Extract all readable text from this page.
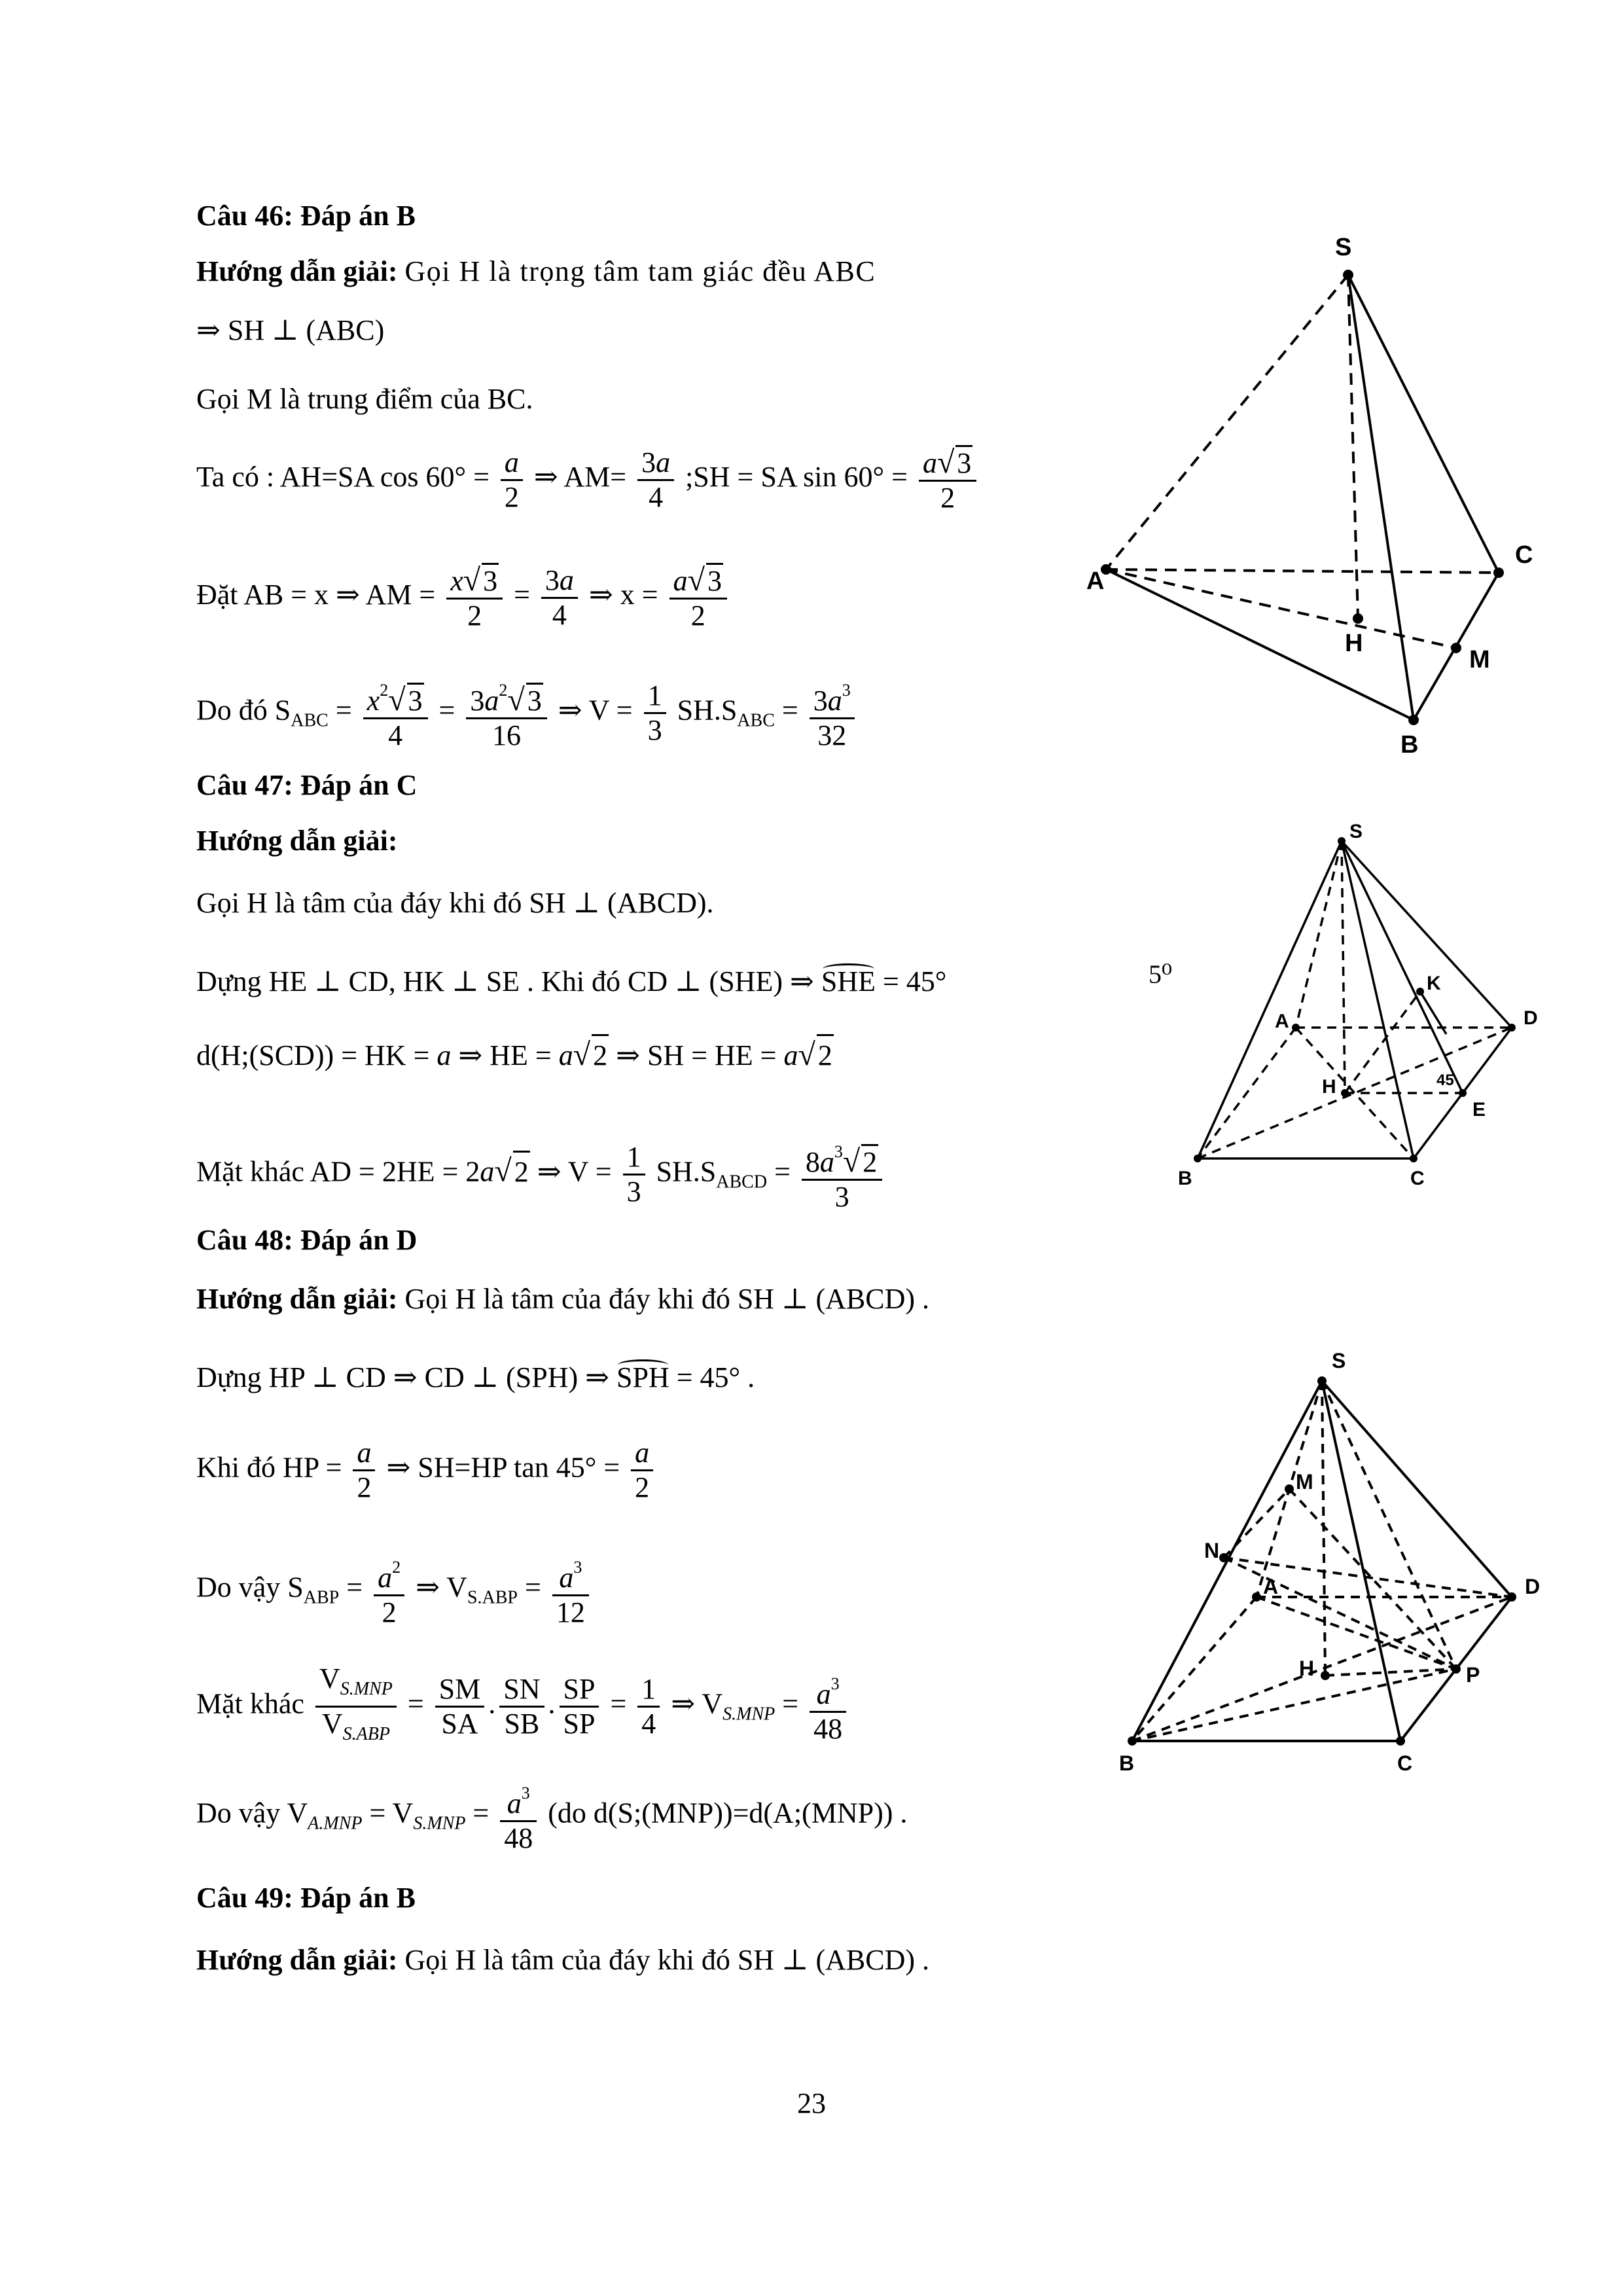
Câu 46: Đáp án B
Hướng dẫn giải: Gọi H là trọng tâm tam giác đều ABC
⇒ SH ⊥ (ABC)
Gọi M là trung điểm của BC.
Ta có : AH=SA $\cos 60^\circ = \frac{a}{2}$ ⇒ $AM= \frac{3a}{4}$ ;SH = SA $\sin 60^\circ = \frac{a√3}{2}$
Đặt AB = x ⇒ AM = $\frac{x√3}{2} = \frac{3a}{4}$ ⇒ $x = \frac{a√3}{2}$
Do đó $S_{ABC} = \frac{x^2√3}{4} = \frac{3a^2√3}{16}$ ⇒ $V = \frac{1}{3} SH.S_{ABC} = \frac{3a^3}{32}$
S
A
B
C
H
M
Câu 47: Đáp án C
Hướng dẫn giải:
Gọi H là tâm của đáy khi đó SH ⊥ (ABCD).
Dựng HE ⊥ CD, HK ⊥ SE . Khi đó CD ⊥ (SHE) ⇒ SHE = 45°
d(H;(SCD)) = HK = a ⇒ HE = a√2 ⇒ SH = HE = a√2
Mặt khác AD = 2HE = 2a√2 ⇒ $V = \frac{1}{3} SH.S_{ABCD} = \frac{8a^3√2}{3}$
5⁰
S
A
B	C
D
H
K
E
45
Câu 48: Đáp án D
Hướng dẫn giải: Gọi H là tâm của đáy khi đó SH ⊥ (ABCD) .
Dựng HP ⊥ CD ⇒ CD ⊥ (SPH) ⇒ SPH = 45° .
Khi đó HP = $\frac{a}{2}$ ⇒ SH=HP $\tan 45^\circ = \frac{a}{2}$
Do vậy $S_{ABP} = \frac{a^2}{2}$ ⇒ $V_{S.ABP} = \frac{a^3}{12}$
Mặt khác $\frac{V_{S.MNP}}{V_{S.ABP}} = \frac{SM}{SA}$ . $\frac{SN}{SB}$ . $\frac{SP}{SP} = \frac{1}{4}$ ⇒ $V_{S.MNP} = \frac{a^3}{48}$
Do vậy $V_{A.MNP} = V_{S.MNP} = \frac{a^3}{48} (do$ d(S;(MNP))=d(A;(MNP)) .
S
A
B	C
D
H
M
N
P
Câu 49: Đáp án B
Hướng dẫn giải: Gọi H là tâm của đáy khi đó SH ⊥ (ABCD) .
23
